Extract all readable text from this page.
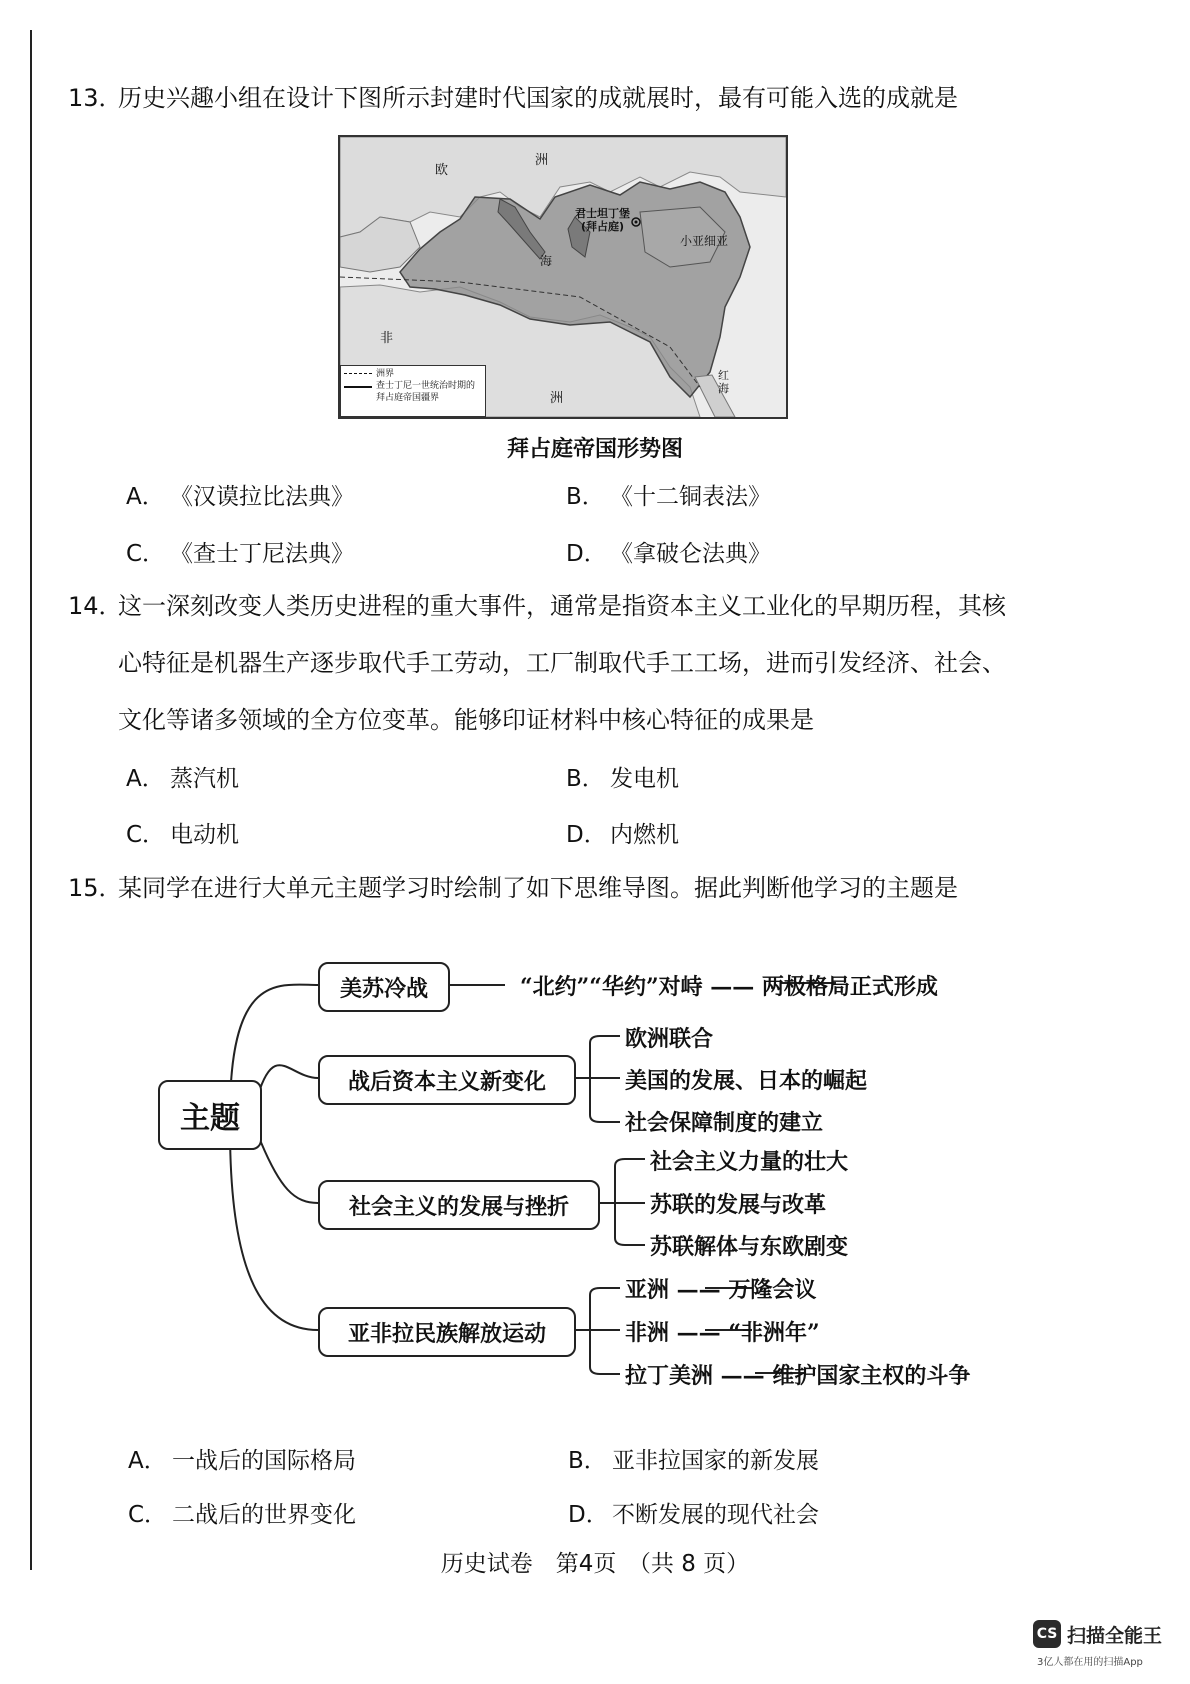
13．历史兴趣小组在设计下图所示封建时代国家的成就展时，最有可能入选的成就是
欧
洲
君士坦丁堡
(拜占庭)
小亚细亚
海
非
洲
红海
洲界
查士丁尼一世统治时期的拜占庭帝国疆界
拜占庭帝国形势图
A． 《汉谟拉比法典》	B． 《十二铜表法》
C． 《查士丁尼法典》	D． 《拿破仑法典》
14．这一深刻改变人类历史进程的重大事件，通常是指资本主义工业化的早期历程，其核
心特征是机器生产逐步取代手工劳动，工厂制取代手工工场，进而引发经济、社会、
文化等诸多领域的全方位变革。能够印证材料中核心特征的成果是
A． 蒸汽机	B． 发电机
C． 电动机	D． 内燃机
15．某同学在进行大单元主题学习时绘制了如下思维导图。据此判断他学习的主题是
主题
美苏冷战	“北约”“华约”对峙 —— 两极格局正式形成
战后资本主义新变化
欧洲联合
美国的发展、日本的崛起
社会保障制度的建立
社会主义的发展与挫折
社会主义力量的壮大
苏联的发展与改革
苏联解体与东欧剧变
亚非拉民族解放运动
亚洲 —— 万隆会议
非洲 —— “非洲年”
拉丁美洲 —— 维护国家主权的斗争
A． 一战后的国际格局	B． 亚非拉国家的新发展
C． 二战后的世界变化	D． 不断发展的现代社会
历史试卷　第4页　（共 8 页）
CS 扫描全能王
3亿人都在用的扫描App
